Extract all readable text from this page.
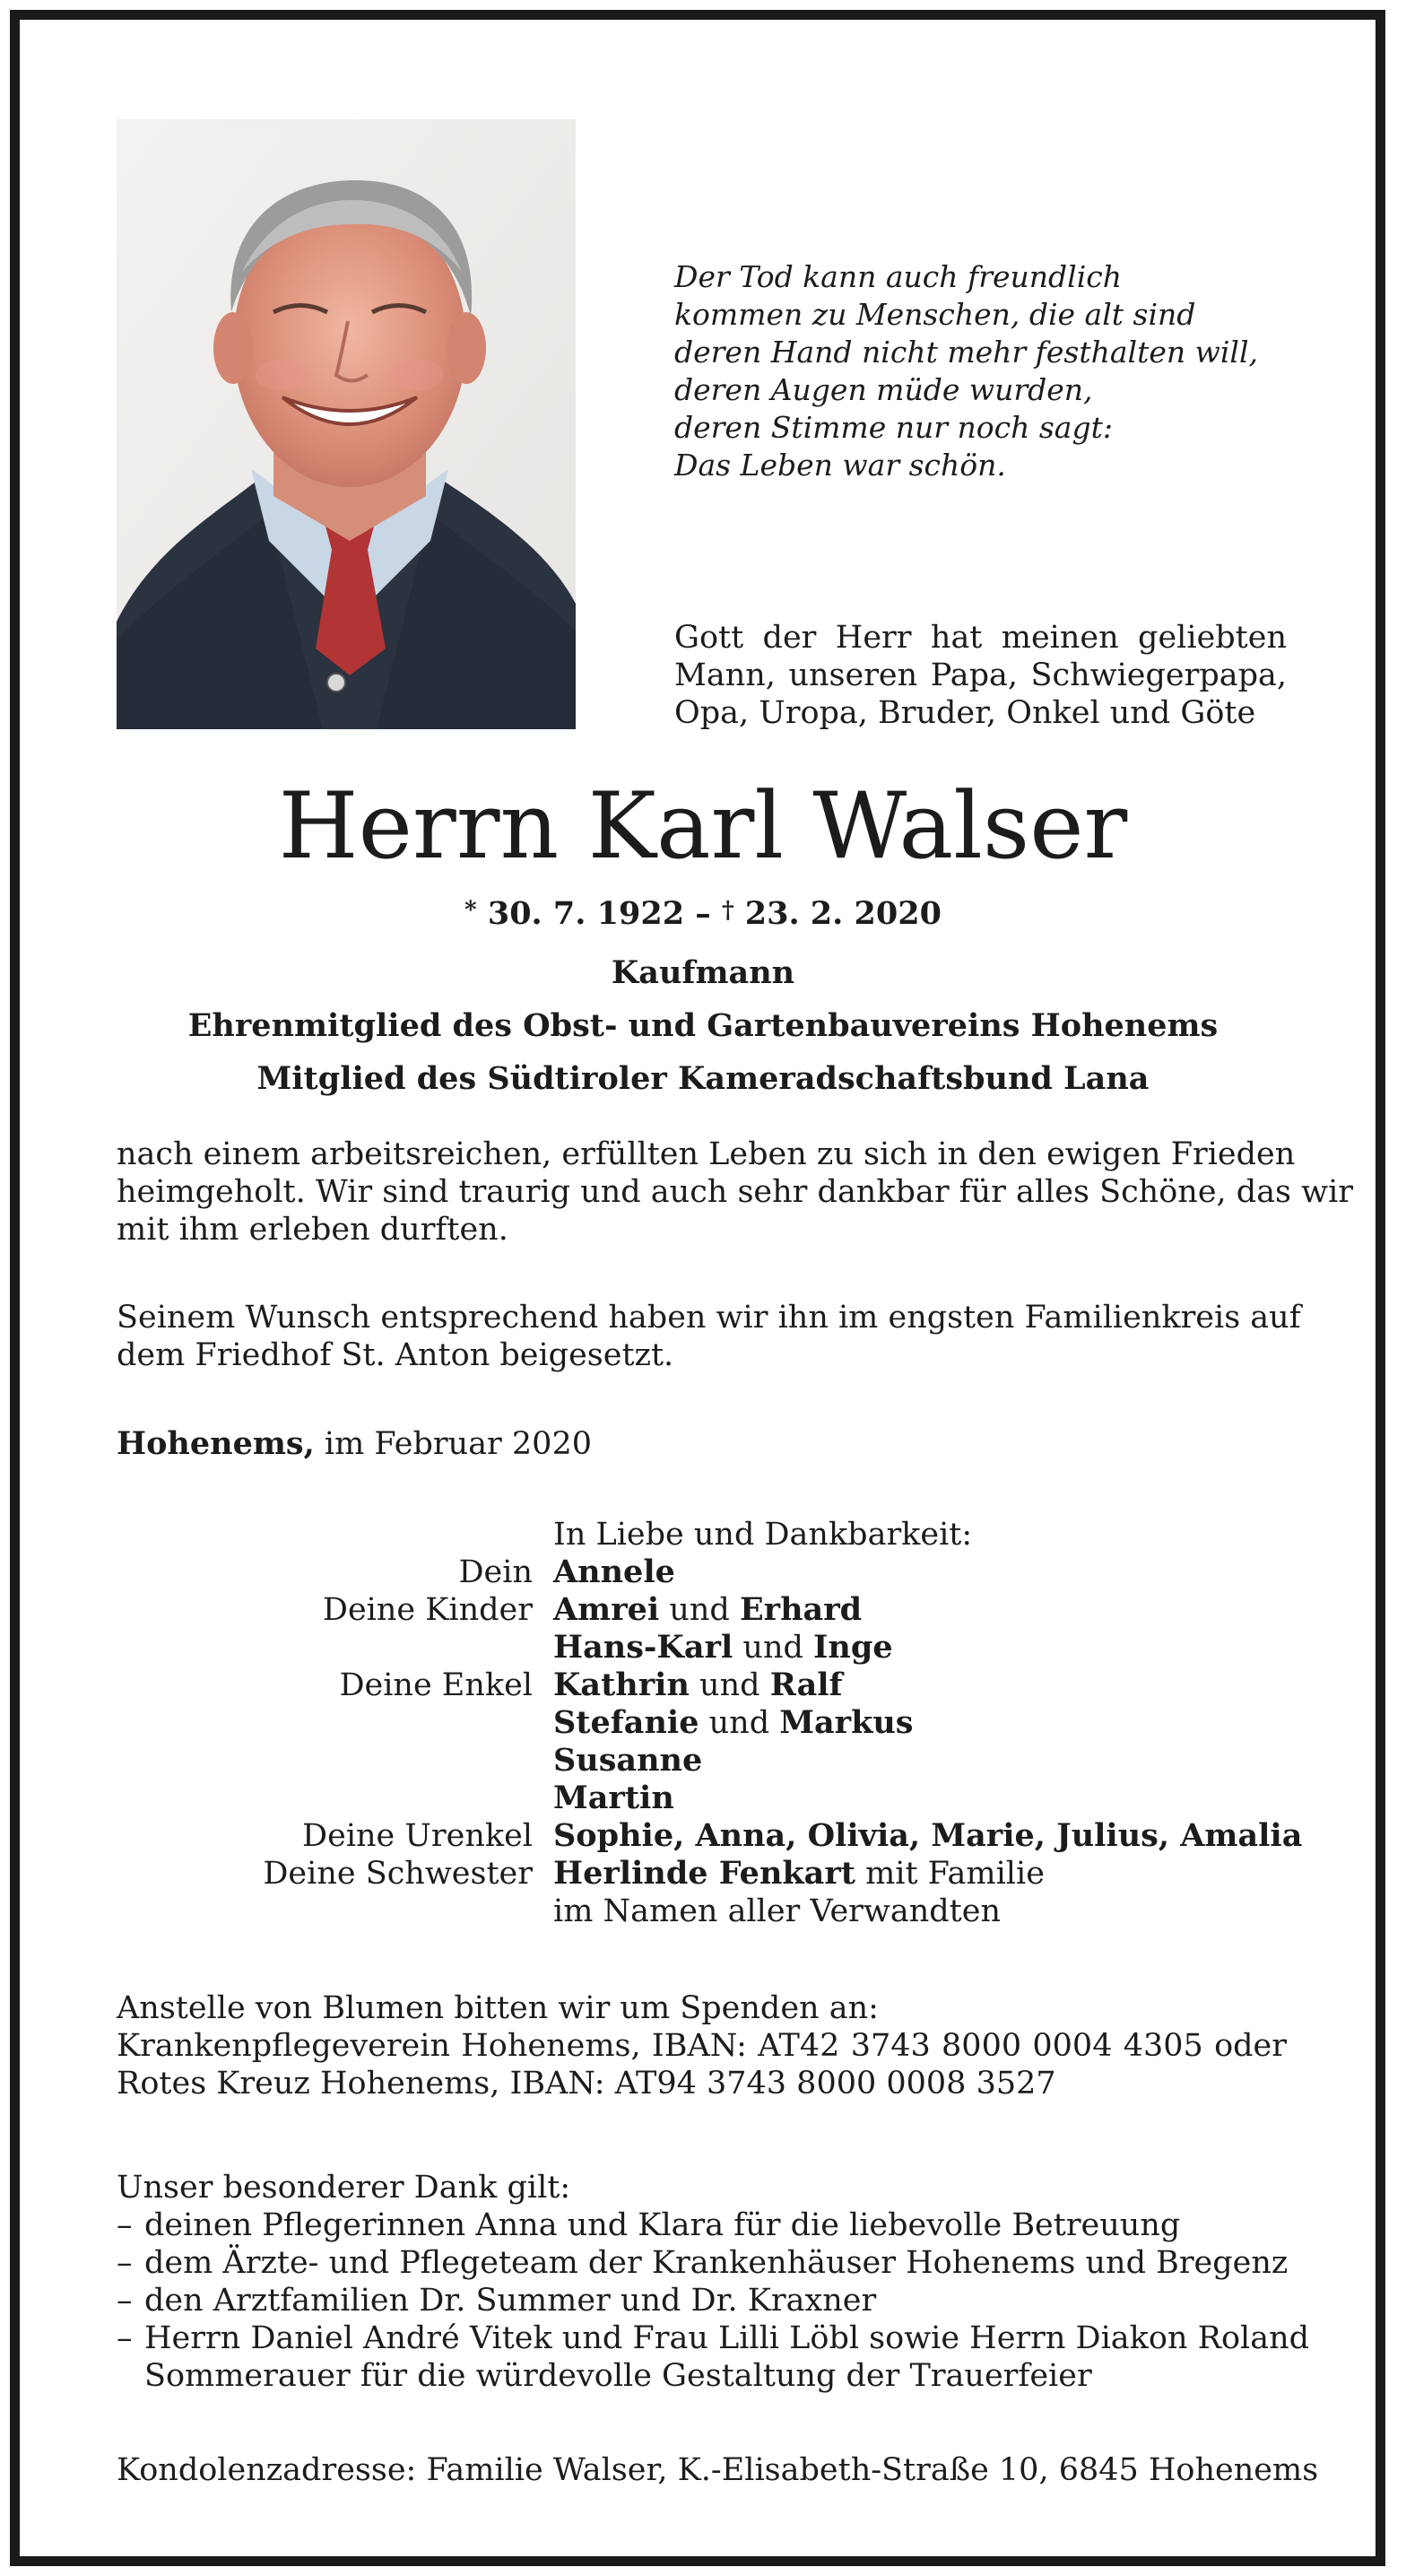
Der Tod kann auch freundlich
kommen zu Menschen, die alt sind
deren Hand nicht mehr festhalten will,
deren Augen müde wurden,
deren Stimme nur noch sagt:
Das Leben war schön.
Gott der Herr hat meinen geliebten
Mann, unseren Papa, Schwiegerpapa,
Opa, Uropa, Bruder, Onkel und Göte
Herrn Karl Walser
* 30. 7. 1922 – † 23. 2. 2020
Kaufmann
Ehrenmitglied des Obst- und Gartenbauvereins Hohenems
Mitglied des Südtiroler Kameradschaftsbund Lana
nach einem arbeitsreichen, erfüllten Leben zu sich in den ewigen Frieden
heimgeholt. Wir sind traurig und auch sehr dankbar für alles Schöne, das wir
mit ihm erleben durften.
Seinem Wunsch entsprechend haben wir ihn im engsten Familienkreis auf
dem Friedhof St. Anton beigesetzt.
Hohenems, im Februar 2020
In Liebe und Dankbarkeit:
Dein Annele
Deine Kinder Amrei und Erhard
Hans-Karl und Inge
Deine Enkel Kathrin und Ralf
Stefanie und Markus
Susanne
Martin
Deine Urenkel Sophie, Anna, Olivia, Marie, Julius, Amalia
Deine Schwester Herlinde Fenkart mit Familie
im Namen aller Verwandten
Anstelle von Blumen bitten wir um Spenden an:
Krankenpflegeverein Hohenems, IBAN: AT42 3743 8000 0004 4305 oder
Rotes Kreuz Hohenems, IBAN: AT94 3743 8000 0008 3527
Unser besonderer Dank gilt:
– deinen Pflegerinnen Anna und Klara für die liebevolle Betreuung
– dem Ärzte- und Pflegeteam der Krankenhäuser Hohenems und Bregenz
– den Arztfamilien Dr. Summer und Dr. Kraxner
– Herrn Daniel André Vitek und Frau Lilli Löbl sowie Herrn Diakon Roland
Sommerauer für die würdevolle Gestaltung der Trauerfeier
Kondolenzadresse: Familie Walser, K.-Elisabeth-Straße 10, 6845 Hohenems
